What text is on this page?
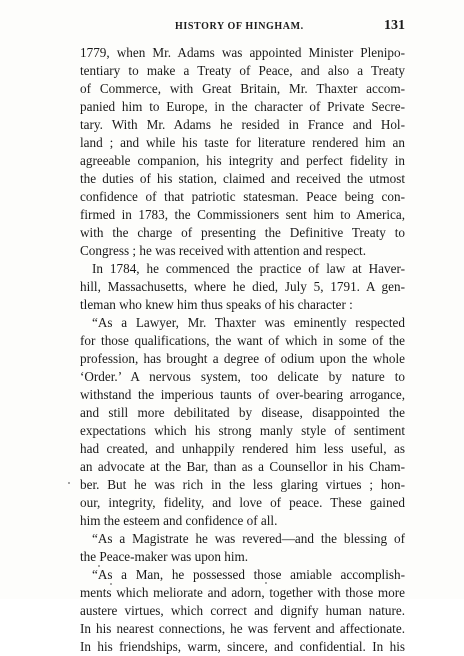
HISTORY OF HINGHAM.	131
1779, when Mr. Adams was appointed Minister Plenipo-
tentiary to make a Treaty of Peace, and also a Treaty
of Commerce, with Great Britain, Mr. Thaxter accom-
panied him to Europe, in the character of Private Secre-
tary. With Mr. Adams he resided in France and Hol-
land ; and while his taste for literature rendered him an
agreeable companion, his integrity and perfect fidelity in
the duties of his station, claimed and received the utmost
confidence of that patriotic statesman. Peace being con-
firmed in 1783, the Commissioners sent him to America,
with the charge of presenting the Definitive Treaty to
Congress ; he was received with attention and respect.
In 1784, he commenced the practice of law at Haver-
hill, Massachusetts, where he died, July 5, 1791. A gen-
tleman who knew him thus speaks of his character :
“As a Lawyer, Mr. Thaxter was eminently respected
for those qualifications, the want of which in some of the
profession, has brought a degree of odium upon the whole
‘Order.’ A nervous system, too delicate by nature to
withstand the imperious taunts of over-bearing arrogance,
and still more debilitated by disease, disappointed the
expectations which his strong manly style of sentiment
had created, and unhappily rendered him less useful, as
an advocate at the Bar, than as a Counsellor in his Cham-
ber. But he was rich in the less glaring virtues ; hon-
our, integrity, fidelity, and love of peace. These gained
him the esteem and confidence of all.
“As a Magistrate he was revered—and the blessing of
the Peace-maker was upon him.
“As a Man, he possessed those amiable accomplish-
ments which meliorate and adorn, together with those more
austere virtues, which correct and dignify human nature.
In his nearest connections, he was fervent and affectionate.
In his friendships, warm, sincere, and confidential. In his
